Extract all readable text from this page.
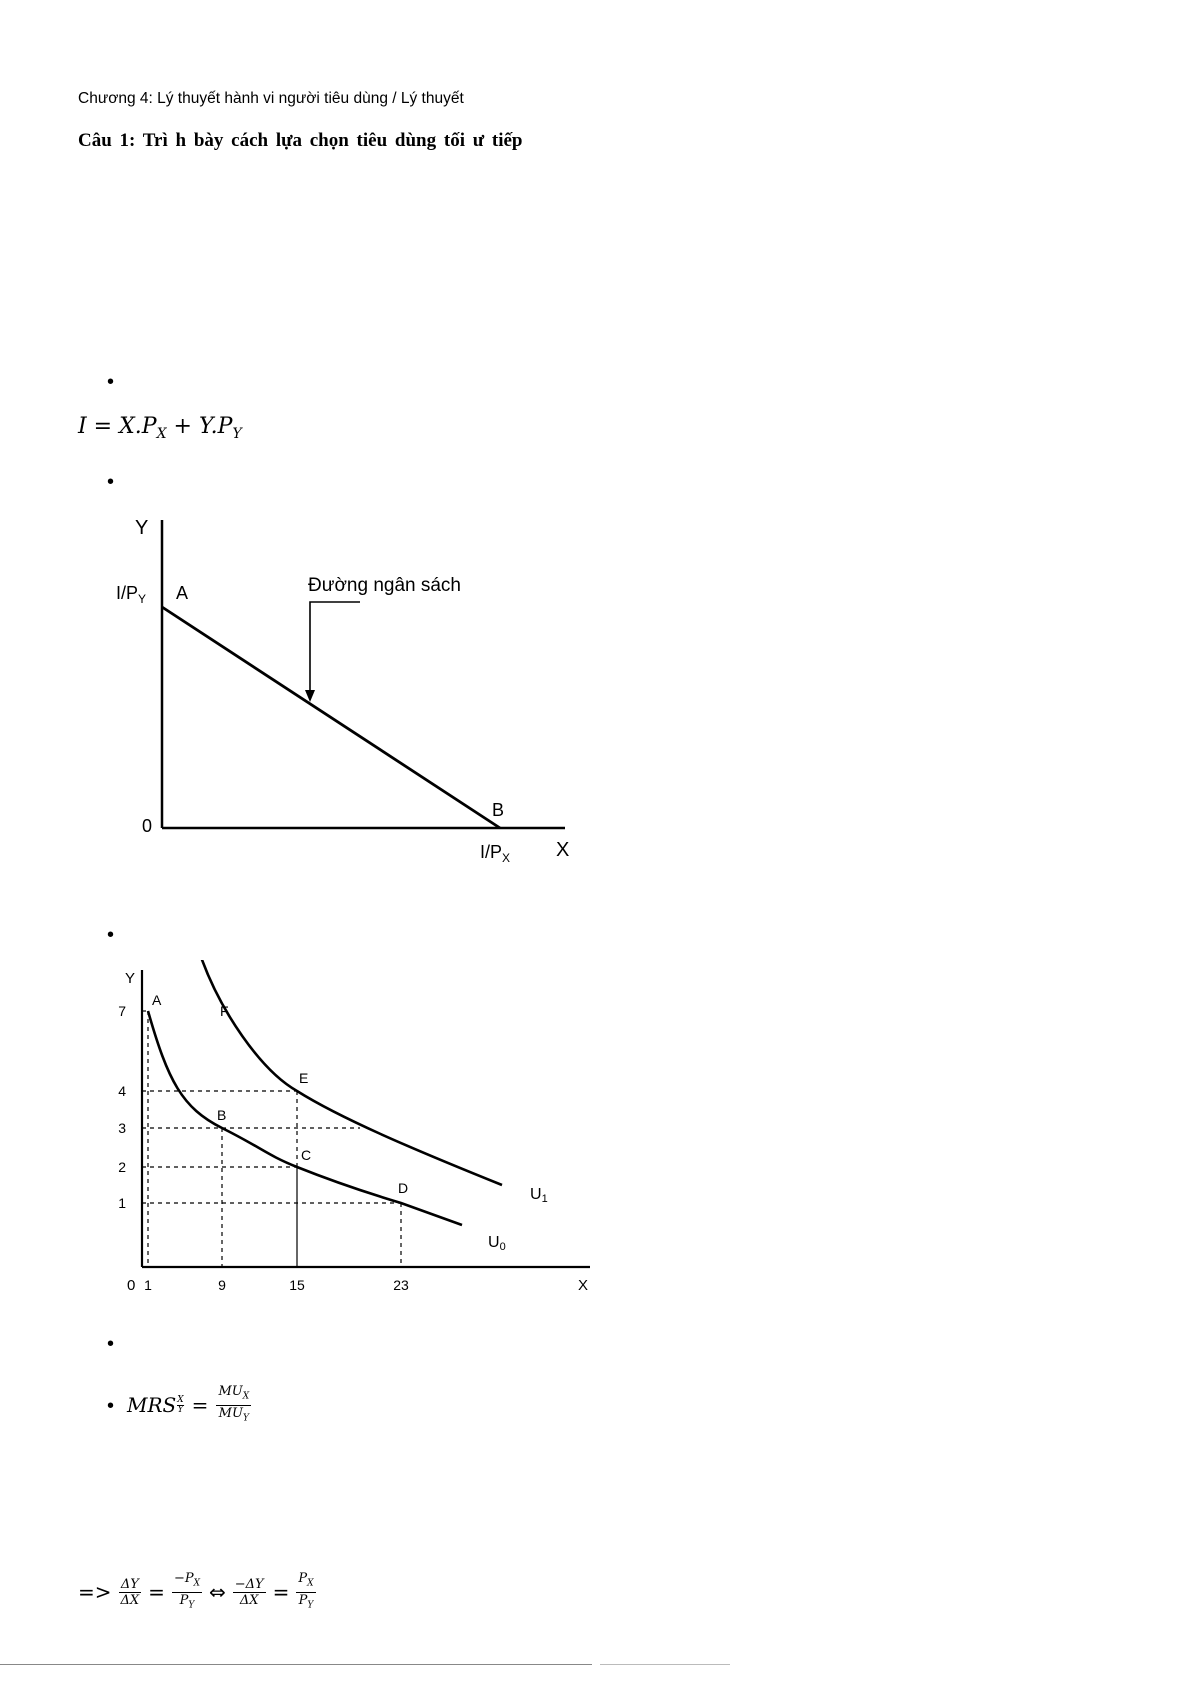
Chương 4: Lý thuyết hành vi người tiêu dùng / Lý thuyết
Câu 1: Trì h bày cách lựa chọn tiêu dùng tối ư tiếp
•
$I = X.P_X + Y.P_Y$
•
Y
$I/P_Y$ A	Đường ngân sách
B
0
$I/P_X$ X
•
1	9	15	23
7
4
3
2
1
A
B
C
D
E
F
Y
X
0
U0
U1
•
• MRS $\frac{X}{Y} = \frac{MU_X}{MU_Y}$
=> $\frac{\Delta Y}{\Delta X} = \frac{-P_X}{P_Y}$ ⇔ $\frac{-\Delta Y}{\Delta X} = \frac{P_X}{P_Y}$
